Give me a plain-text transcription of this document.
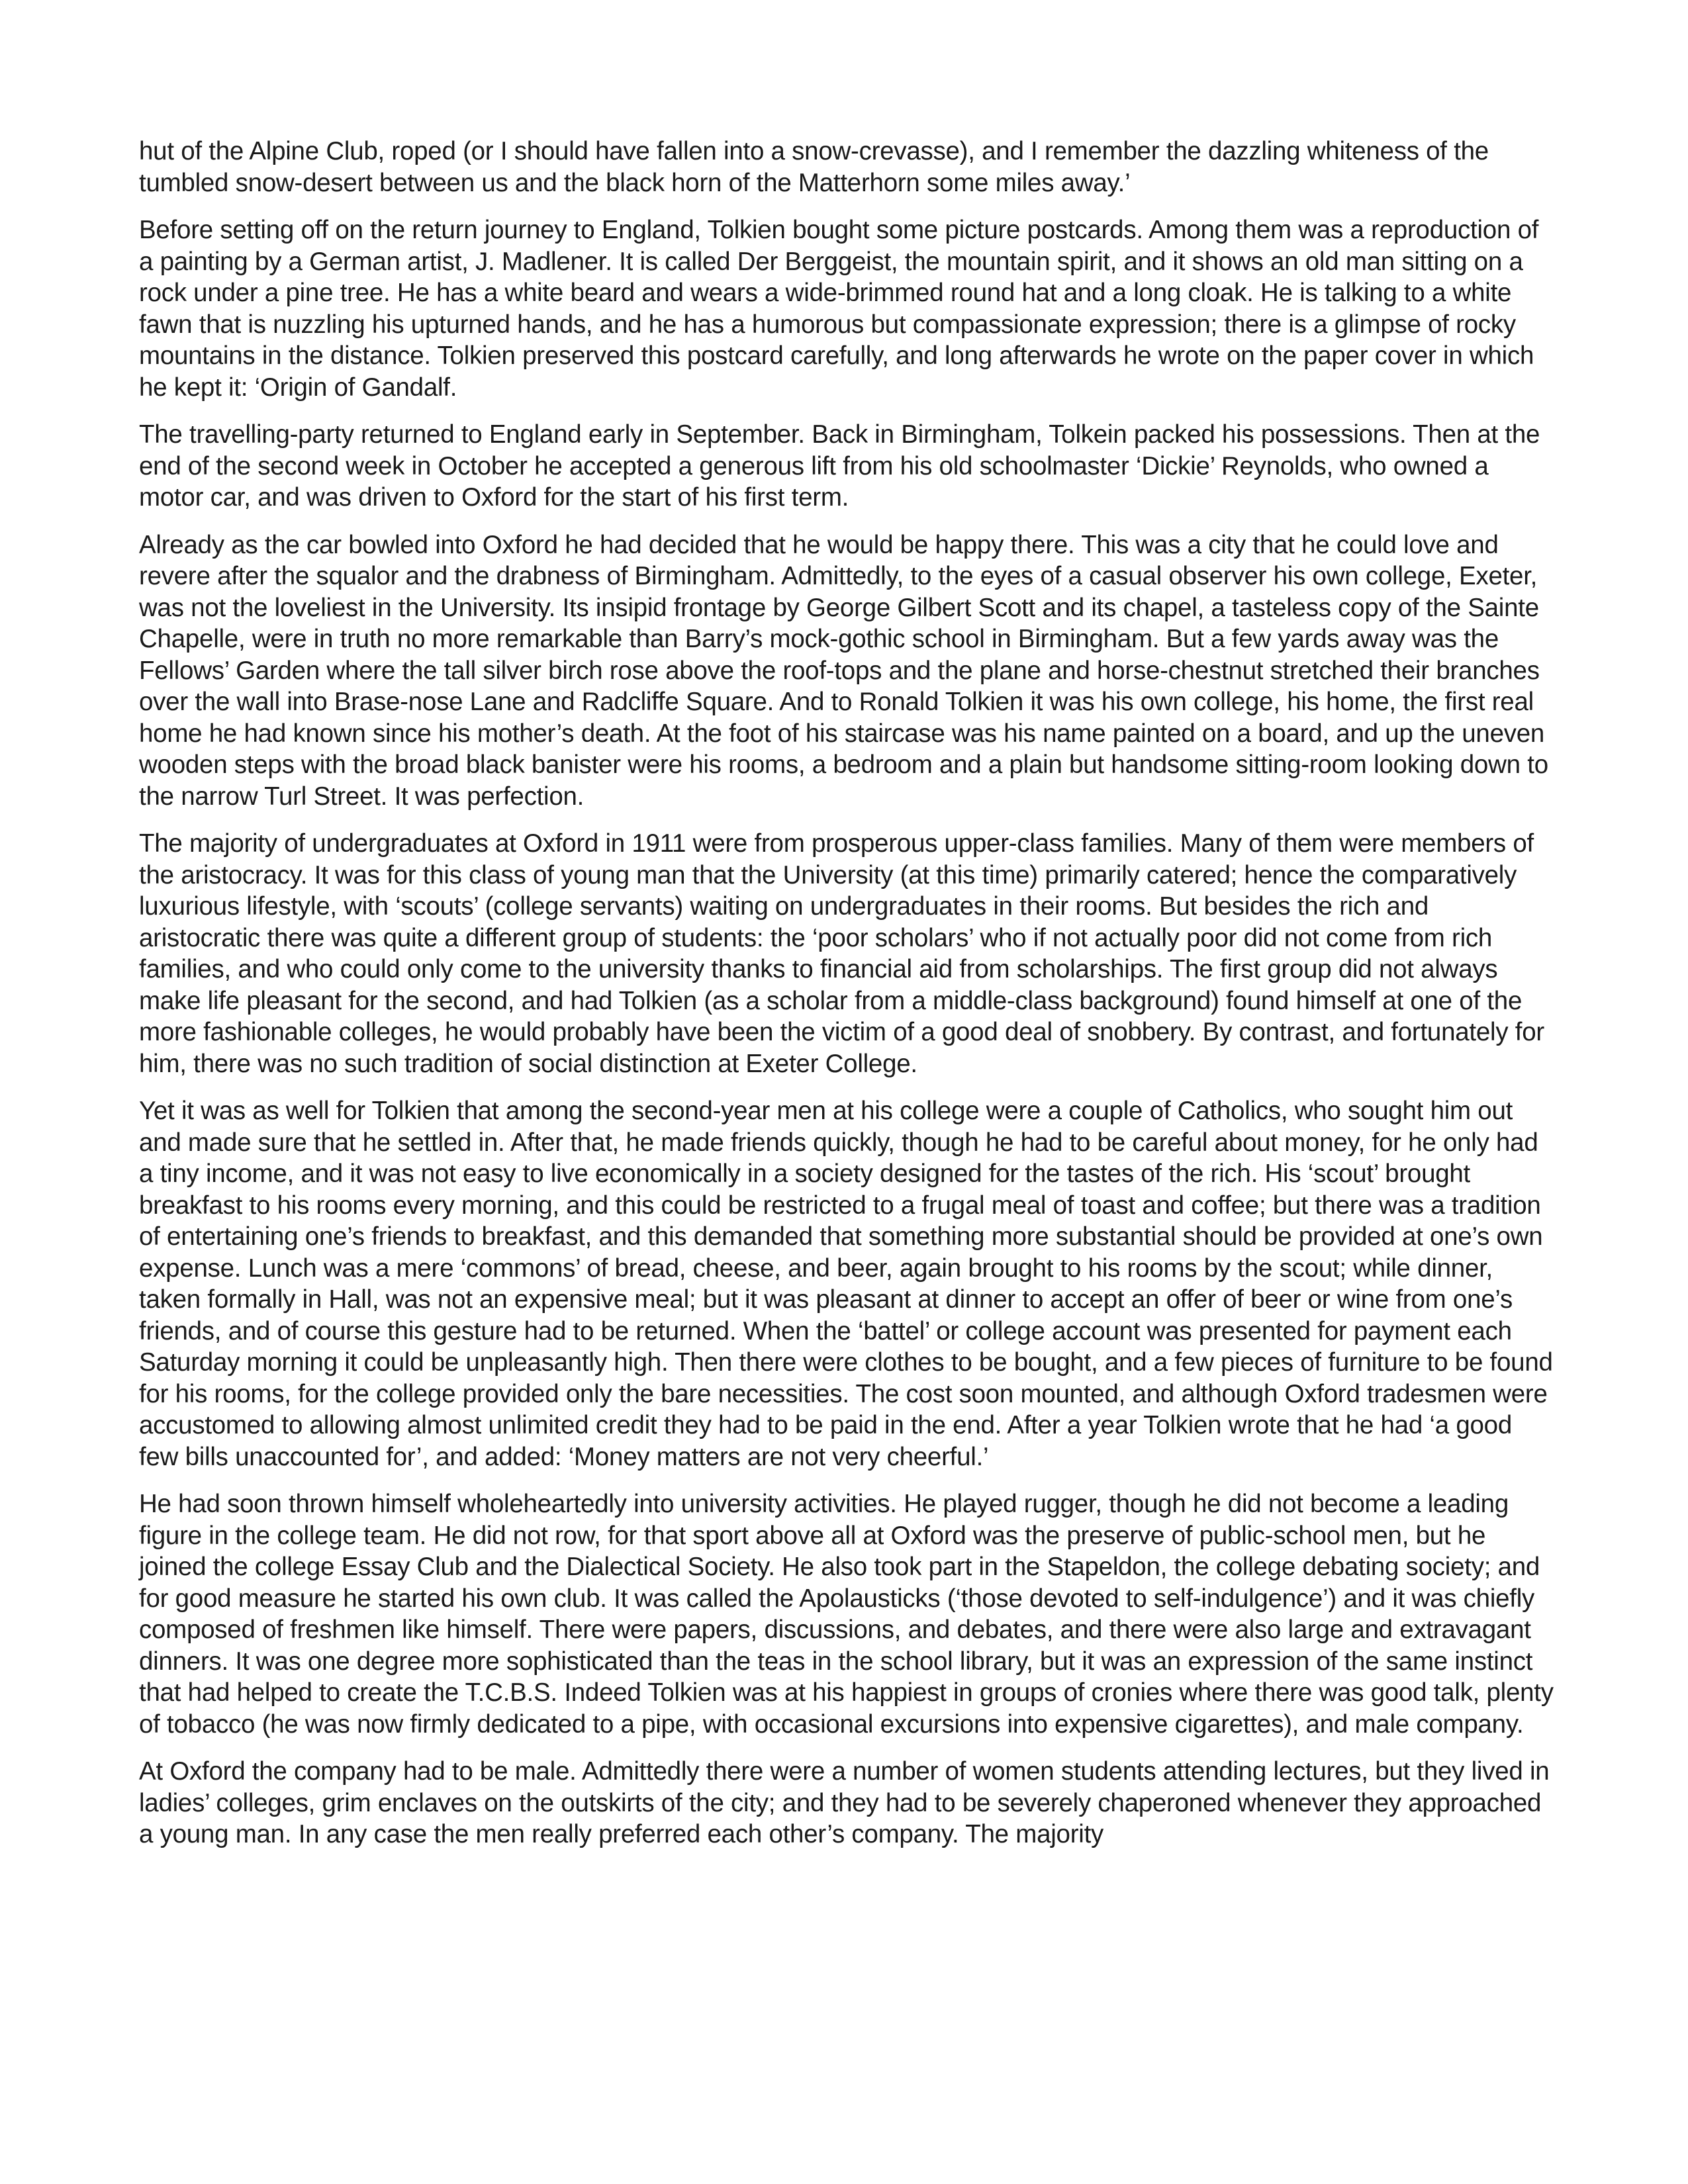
hut of the Alpine Club, roped (or I should have fallen into a snow-crevasse), and I remember the dazzling whiteness of the tumbled snow-desert between us and the black horn of the Matterhorn some miles away.’

Before setting off on the return journey to England, Tolkien bought some picture postcards. Among them was a reproduction of a painting by a German artist, J. Madlener. It is called Der Berggeist, the mountain spirit, and it shows an old man sitting on a rock under a pine tree. He has a white beard and wears a wide-brimmed round hat and a long cloak. He is talking to a white fawn that is nuzzling his upturned hands, and he has a humorous but compassionate expression; there is a glimpse of rocky mountains in the distance. Tolkien preserved this postcard carefully, and long afterwards he wrote on the paper cover in which he kept it: ‘Origin of Gandalf.

The travelling-party returned to England early in September. Back in Birmingham, Tolkein packed his possessions. Then at the end of the second week in October he accepted a generous lift from his old schoolmaster ‘Dickie’ Reynolds, who owned a motor car, and was driven to Oxford for the start of his first term.

Already as the car bowled into Oxford he had decided that he would be happy there. This was a city that he could love and revere after the squalor and the drabness of Birmingham. Admittedly, to the eyes of a casual observer his own college, Exeter, was not the loveliest in the University. Its insipid frontage by George Gilbert Scott and its chapel, a tasteless copy of the Sainte Chapelle, were in truth no more remarkable than Barry’s mock-gothic school in Birmingham. But a few yards away was the Fellows’ Garden where the tall silver birch rose above the roof-tops and the plane and horse-chestnut stretched their branches over the wall into Brase-nose Lane and Radcliffe Square. And to Ronald Tolkien it was his own college, his home, the first real home he had known since his mother’s death. At the foot of his staircase was his name painted on a board, and up the uneven wooden steps with the broad black banister were his rooms, a bedroom and a plain but handsome sitting-room looking down to the narrow Turl Street. It was perfection.

The majority of undergraduates at Oxford in 1911 were from prosperous upper-class families. Many of them were members of the aristocracy. It was for this class of young man that the University (at this time) primarily catered; hence the comparatively luxurious lifestyle, with ‘scouts’ (college servants) waiting on undergraduates in their rooms. But besides the rich and aristocratic there was quite a different group of students: the ‘poor scholars’ who if not actually poor did not come from rich families, and who could only come to the university thanks to financial aid from scholarships. The first group did not always make life pleasant for the second, and had Tolkien (as a scholar from a middle-class background) found himself at one of the more fashionable colleges, he would probably have been the victim of a good deal of snobbery. By contrast, and fortunately for him, there was no such tradition of social distinction at Exeter College.

Yet it was as well for Tolkien that among the second-year men at his college were a couple of Catholics, who sought him out and made sure that he settled in. After that, he made friends quickly, though he had to be careful about money, for he only had a tiny income, and it was not easy to live economically in a society designed for the tastes of the rich. His ‘scout’ brought breakfast to his rooms every morning, and this could be restricted to a frugal meal of toast and coffee; but there was a tradition of entertaining one’s friends to breakfast, and this demanded that something more substantial should be provided at one’s own expense. Lunch was a mere ‘commons’ of bread, cheese, and beer, again brought to his rooms by the scout; while dinner, taken formally in Hall, was not an expensive meal; but it was pleasant at dinner to accept an offer of beer or wine from one’s friends, and of course this gesture had to be returned. When the ‘battel’ or college account was presented for payment each Saturday morning it could be unpleasantly high. Then there were clothes to be bought, and a few pieces of furniture to be found for his rooms, for the college provided only the bare necessities. The cost soon mounted, and although Oxford tradesmen were accustomed to allowing almost unlimited credit they had to be paid in the end. After a year Tolkien wrote that he had ‘a good few bills unaccounted for’, and added: ‘Money matters are not very cheerful.’

He had soon thrown himself wholeheartedly into university activities. He played rugger, though he did not become a leading figure in the college team. He did not row, for that sport above all at Oxford was the preserve of public-school men, but he joined the college Essay Club and the Dialectical Society. He also took part in the Stapeldon, the college debating society; and for good measure he started his own club. It was called the Apolausticks (‘those devoted to self-indulgence’) and it was chiefly composed of freshmen like himself. There were papers, discussions, and debates, and there were also large and extravagant dinners. It was one degree more sophisticated than the teas in the school library, but it was an expression of the same instinct that had helped to create the T.C.B.S. Indeed Tolkien was at his happiest in groups of cronies where there was good talk, plenty of tobacco (he was now firmly dedicated to a pipe, with occasional excursions into expensive cigarettes), and male company.

At Oxford the company had to be male. Admittedly there were a number of women students attending lectures, but they lived in ladies’ colleges, grim enclaves on the outskirts of the city; and they had to be severely chaperoned whenever they approached a young man. In any case the men really preferred each other’s company. The majority
